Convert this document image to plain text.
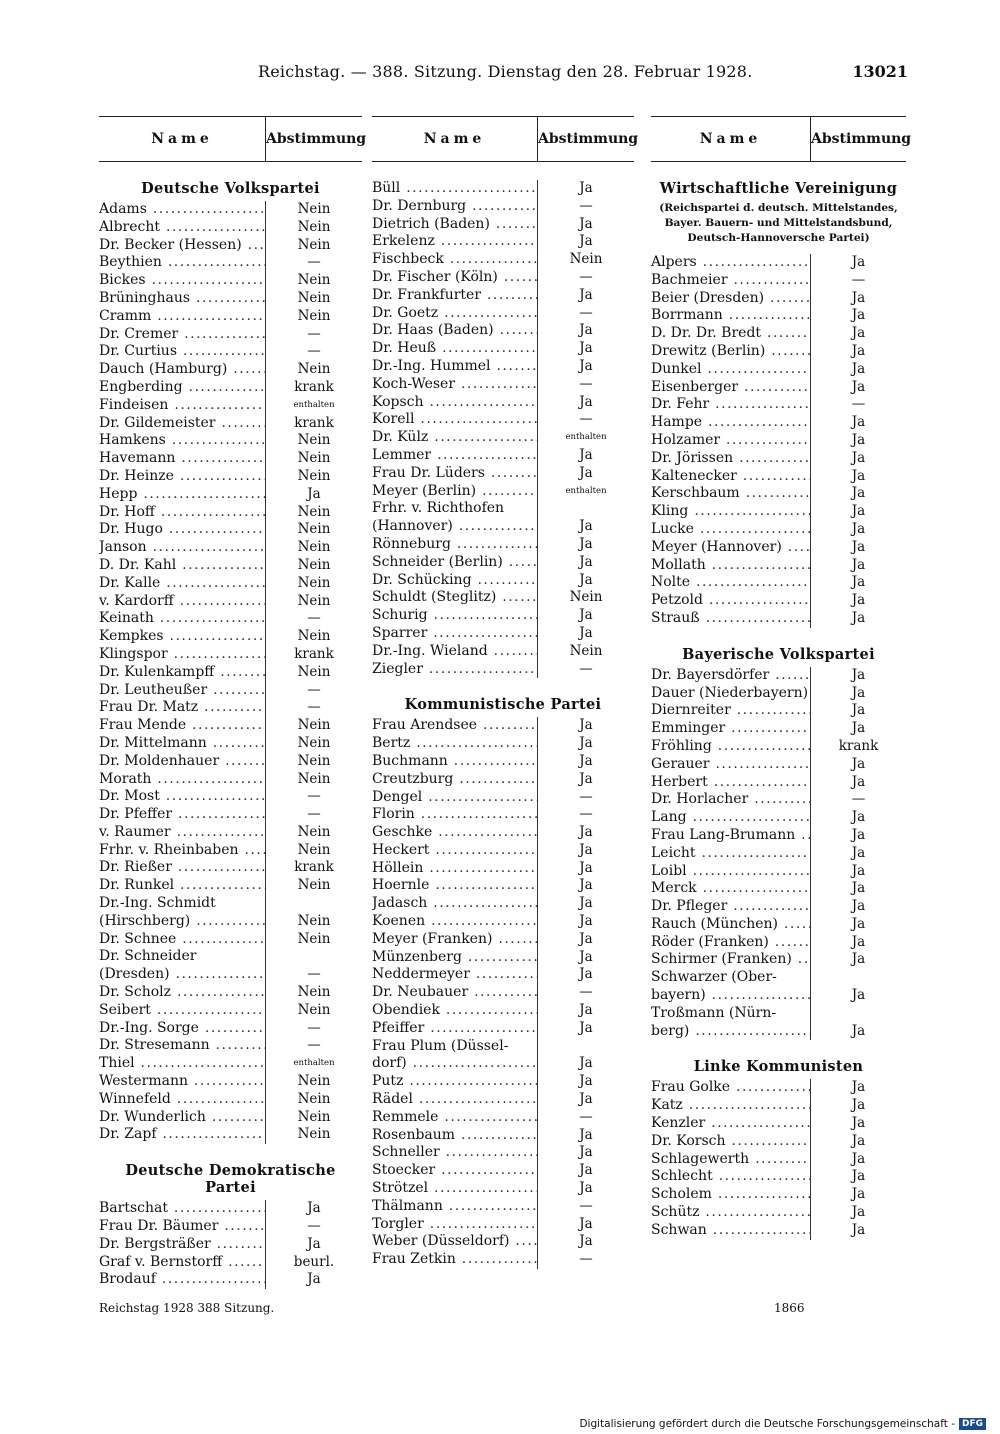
Reichstag. — 388. Sitzung. Dienstag den 28. Februar 1928.	13021
Name	Abstimmung
Deutsche Volkspartei
Adams .....	Nein
Albrecht .....	Nein
Dr. Becker (Hessen) .....	Nein
Beythien .....	—
Bickes .....	Nein
Brüninghaus .....	Nein
Cramm .....	Nein
Dr. Cremer .....	—
Dr. Curtius .....	—
Dauch (Hamburg) .....	Nein
Engberding .....	krank
Findeisen .....	enthalten
Dr. Gildemeister .....	krank
Hamkens .....	Nein
Havemann .....	Nein
Dr. Heinze .....	Nein
Hepp .....	Ja
Dr. Hoff .....	Nein
Dr. Hugo .....	Nein
Janson .....	Nein
D. Dr. Kahl .....	Nein
Dr. Kalle .....	Nein
v. Kardorff .....	Nein
Keinath .....	—
Kempkes .....	Nein
Klingspor .....	krank
Dr. Kulenkampff .....	Nein
Dr. Leutheußer .....	—
Frau Dr. Matz .....	—
Frau Mende .....	Nein
Dr. Mittelmann .....	Nein
Dr. Moldenhauer .....	Nein
Morath .....	Nein
Dr. Most .....	—
Dr. Pfeffer .....	—
v. Raumer .....	Nein
Frhr. v. Rheinbaben .....	Nein
Dr. Rießer .....	krank
Dr. Runkel .....	Nein
Dr.-Ing. Schmidt
(Hirschberg) .....	Nein
Dr. Schnee .....	Nein
Dr. Schneider
(Dresden) .....	—
Dr. Scholz .....	Nein
Seibert .....	Nein
Dr.-Ing. Sorge .....	—
Dr. Stresemann .....	—
Thiel .....	enthalten
Westermann .....	Nein
Winnefeld .....	Nein
Dr. Wunderlich .....	Nein
Dr. Zapf .....	Nein
Deutsche Demokratische Partei
Bartschat .....	Ja
Frau Dr. Bäumer .....	—
Dr. Bergsträßer .....	Ja
Graf v. Bernstorff .....	beurl.
Brodauf .....	Ja
Name	Abstimmung
Büll .....	Ja
Dr. Dernburg .....	—
Dietrich (Baden) .....	Ja
Erkelenz .....	Ja
Fischbeck .....	Nein
Dr. Fischer (Köln) .....	—
Dr. Frankfurter .....	Ja
Dr. Goetz .....	—
Dr. Haas (Baden) .....	Ja
Dr. Heuß .....	Ja
Dr.-Ing. Hummel .....	Ja
Koch-Weser .....	—
Kopsch .....	Ja
Korell .....	—
Dr. Külz .....	enthalten
Lemmer .....	Ja
Frau Dr. Lüders .....	Ja
Meyer (Berlin) .....	enthalten
Frhr. v. Richthofen
(Hannover) .....	Ja
Rönneburg .....	Ja
Schneider (Berlin) .....	Ja
Dr. Schücking .....	Ja
Schuldt (Steglitz) .....	Nein
Schurig .....	Ja
Sparrer .....	Ja
Dr.-Ing. Wieland .....	Nein
Ziegler .....	—
Kommunistische Partei
Frau Arendsee .....	Ja
Bertz .....	Ja
Buchmann .....	Ja
Creutzburg .....	Ja
Dengel .....	—
Florin .....	—
Geschke .....	Ja
Heckert .....	Ja
Höllein .....	Ja
Hoernle .....	Ja
Jadasch .....	Ja
Koenen .....	Ja
Meyer (Franken) .....	Ja
Münzenberg .....	Ja
Neddermeyer .....	Ja
Dr. Neubauer .....	—
Obendiek .....	Ja
Pfeiffer .....	Ja
Frau Plum (Düssel-
dorf) .....	Ja
Putz .....	Ja
Rädel .....	Ja
Remmele .....	—
Rosenbaum .....	Ja
Schneller .....	Ja
Stoecker .....	Ja
Strötzel .....	Ja
Thälmann .....	—
Torgler .....	Ja
Weber (Düsseldorf) .....	Ja
Frau Zetkin .....	—
Name	Abstimmung
Wirtschaftliche Vereinigung
(Reichspartei d. deutsch. Mittelstandes,
Bayer. Bauern- und Mittelstandsbund,
Deutsch-Hannoversche Partei)
Alpers .....	Ja
Bachmeier .....	—
Beier (Dresden) .....	Ja
Borrmann .....	Ja
D. Dr. Dr. Bredt .....	Ja
Drewitz (Berlin) .....	Ja
Dunkel .....	Ja
Eisenberger .....	Ja
Dr. Fehr .....	—
Hampe .....	Ja
Holzamer .....	Ja
Dr. Jörissen .....	Ja
Kaltenecker .....	Ja
Kerschbaum .....	Ja
Kling .....	Ja
Lucke .....	Ja
Meyer (Hannover) .....	Ja
Mollath .....	Ja
Nolte .....	Ja
Petzold .....	Ja
Strauß .....	Ja
Bayerische Volkspartei
Dr. Bayersdörfer .....	Ja
Dauer (Niederbayern) .....	Ja
Diernreiter .....	Ja
Emminger .....	Ja
Fröhling .....	krank
Gerauer .....	Ja
Herbert .....	Ja
Dr. Horlacher .....	—
Lang .....	Ja
Frau Lang-Brumann .....	Ja
Leicht .....	Ja
Loibl .....	Ja
Merck .....	Ja
Dr. Pfleger .....	Ja
Rauch (München) .....	Ja
Röder (Franken) .....	Ja
Schirmer (Franken) .....	Ja
Schwarzer (Ober-
bayern) .....	Ja
Troßmann (Nürn-
berg) .....	Ja
Linke Kommunisten
Frau Golke .....	Ja
Katz .....	Ja
Kenzler .....	Ja
Dr. Korsch .....	Ja
Schlagewerth .....	Ja
Schlecht .....	Ja
Scholem .....	Ja
Schütz .....	Ja
Schwan .....	Ja
Reichstag 1928 388 Sitzung.	1866
Digitalisierung gefördert durch die Deutsche Forschungsgemeinschaft - DFG
